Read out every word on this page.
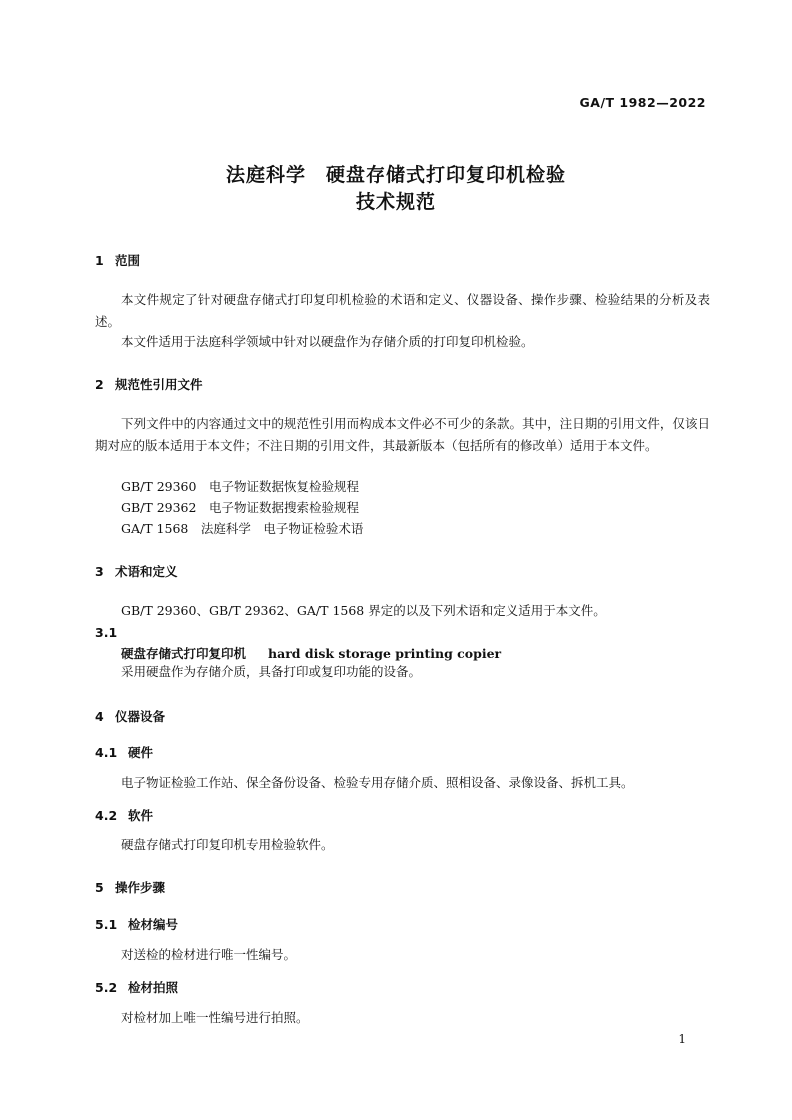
GA/T 1982—2022
法庭科学　硬盘存储式打印复印机检验
技术规范
1 范围
本文件规定了针对硬盘存储式打印复印机检验的术语和定义、仪器设备、操作步骤、检验结果的分析及表述。
本文件适用于法庭科学领域中针对以硬盘作为存储介质的打印复印机检验。
2 规范性引用文件
下列文件中的内容通过文中的规范性引用而构成本文件必不可少的条款。其中，注日期的引用文件，仅该日期对应的版本适用于本文件；不注日期的引用文件，其最新版本（包括所有的修改单）适用于本文件。
GB/T 29360　电子物证数据恢复检验规程
GB/T 29362　电子物证数据搜索检验规程
GA/T 1568　法庭科学　电子物证检验术语
3 术语和定义
GB/T 29360、GB/T 29362、GA/T 1568 界定的以及下列术语和定义适用于本文件。
3.1
硬盘存储式打印复印机 hard disk storage printing copier
采用硬盘作为存储介质，具备打印或复印功能的设备。
4 仪器设备
4.1 硬件
电子物证检验工作站、保全备份设备、检验专用存储介质、照相设备、录像设备、拆机工具。
4.2 软件
硬盘存储式打印复印机专用检验软件。
5 操作步骤
5.1 检材编号
对送检的检材进行唯一性编号。
5.2 检材拍照
对检材加上唯一性编号进行拍照。
1
